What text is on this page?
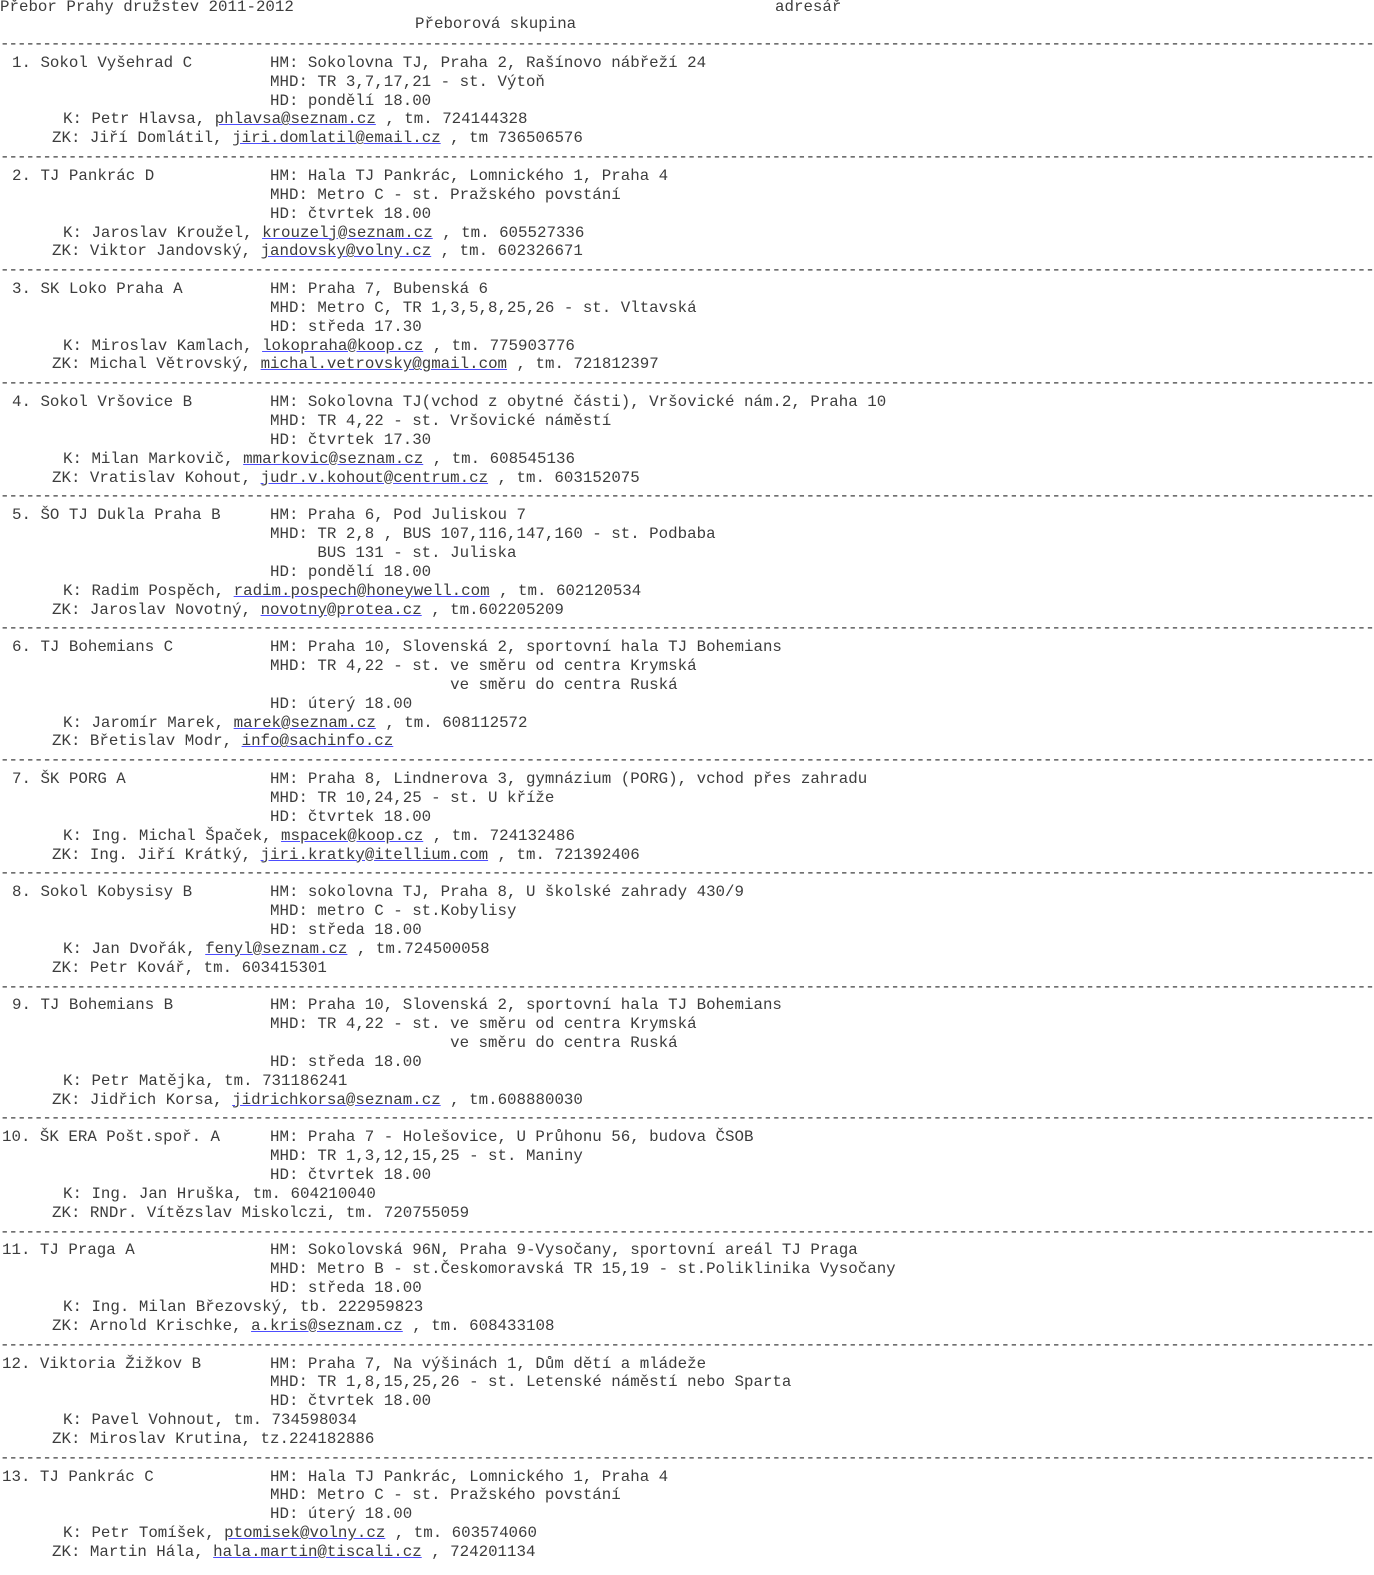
Přebor Prahy družstev 2011-2012
Přeborová skupina
adresář
------------------------------------------------------------------------------------------------------------------------------------------------------------------
1. Sokol Vyšehrad C	HM: Sokolovna TJ, Praha 2, Rašínovo nábřeží 24
MHD: TR 3,7,17,21 - st. Výtoň
HD: pondělí 18.00
K: Petr Hlavsa, phlavsa@seznam.cz , tm. 724144328
ZK: Jiří Domlátil, jiri.domlatil@email.cz , tm 736506576
------------------------------------------------------------------------------------------------------------------------------------------------------------------
2. TJ Pankrác D	HM: Hala TJ Pankrác, Lomnického 1, Praha 4
MHD: Metro C - st. Pražského povstání
HD: čtvrtek 18.00
K: Jaroslav Kroužel, krouzelj@seznam.cz , tm. 605527336
ZK: Viktor Jandovský, jandovsky@volny.cz , tm. 602326671
------------------------------------------------------------------------------------------------------------------------------------------------------------------
3. SK Loko Praha A	HM: Praha 7, Bubenská 6
MHD: Metro C, TR 1,3,5,8,25,26 - st. Vltavská
HD: středa 17.30
K: Miroslav Kamlach, lokopraha@koop.cz , tm. 775903776
ZK: Michal Větrovský, michal.vetrovsky@gmail.com , tm. 721812397
------------------------------------------------------------------------------------------------------------------------------------------------------------------
4. Sokol Vršovice B	HM: Sokolovna TJ(vchod z obytné části), Vršovické nám.2, Praha 10
MHD: TR 4,22 - st. Vršovické náměstí
HD: čtvrtek 17.30
K: Milan Markovič, mmarkovic@seznam.cz , tm. 608545136
ZK: Vratislav Kohout, judr.v.kohout@centrum.cz , tm. 603152075
------------------------------------------------------------------------------------------------------------------------------------------------------------------
5. ŠO TJ Dukla Praha B	HM: Praha 6, Pod Juliskou 7
MHD: TR 2,8 , BUS 107,116,147,160 - st. Podbaba
BUS 131 - st. Juliska
HD: pondělí 18.00
K: Radim Pospěch, radim.pospech@honeywell.com , tm. 602120534
ZK: Jaroslav Novotný, novotny@protea.cz , tm.602205209
------------------------------------------------------------------------------------------------------------------------------------------------------------------
6. TJ Bohemians C	HM: Praha 10, Slovenská 2, sportovní hala TJ Bohemians
MHD: TR 4,22 - st. ve směru od centra Krymská
ve směru do centra Ruská
HD: úterý 18.00
K: Jaromír Marek, marek@seznam.cz , tm. 608112572
ZK: Břetislav Modr, info@sachinfo.cz
------------------------------------------------------------------------------------------------------------------------------------------------------------------
7. ŠK PORG A	HM: Praha 8, Lindnerova 3, gymnázium (PORG), vchod přes zahradu
MHD: TR 10,24,25 - st. U kříže
HD: čtvrtek 18.00
K: Ing. Michal Špaček, mspacek@koop.cz , tm. 724132486
ZK: Ing. Jiří Krátký, jiri.kratky@itellium.com , tm. 721392406
------------------------------------------------------------------------------------------------------------------------------------------------------------------
8. Sokol Kobysisy B	HM: sokolovna TJ, Praha 8, U školské zahrady 430/9
MHD: metro C - st.Kobylisy
HD: středa 18.00
K: Jan Dvořák, fenyl@seznam.cz , tm.724500058
ZK: Petr Kovář, tm. 603415301
------------------------------------------------------------------------------------------------------------------------------------------------------------------
9. TJ Bohemians B	HM: Praha 10, Slovenská 2, sportovní hala TJ Bohemians
MHD: TR 4,22 - st. ve směru od centra Krymská
ve směru do centra Ruská
HD: středa 18.00
K: Petr Matějka, tm. 731186241
ZK: Jidřich Korsa, jidrichkorsa@seznam.cz , tm.608880030
------------------------------------------------------------------------------------------------------------------------------------------------------------------
10. ŠK ERA Pošt.spoř. A	HM: Praha 7 - Holešovice, U Průhonu 56, budova ČSOB
MHD: TR 1,3,12,15,25 - st. Maniny
HD: čtvrtek 18.00
K: Ing. Jan Hruška, tm. 604210040
ZK: RNDr. Vítězslav Miskolczi, tm. 720755059
------------------------------------------------------------------------------------------------------------------------------------------------------------------
11. TJ Praga A	HM: Sokolovská 96N, Praha 9-Vysočany, sportovní areál TJ Praga
MHD: Metro B - st.Českomoravská TR 15,19 - st.Poliklinika Vysočany
HD: středa 18.00
K: Ing. Milan Březovský, tb. 222959823
ZK: Arnold Krischke, a.kris@seznam.cz , tm. 608433108
------------------------------------------------------------------------------------------------------------------------------------------------------------------
12. Viktoria Žižkov B	HM: Praha 7, Na výšinách 1, Dům dětí a mládeže
MHD: TR 1,8,15,25,26 - st. Letenské náměstí nebo Sparta
HD: čtvrtek 18.00
K: Pavel Vohnout, tm. 734598034
ZK: Miroslav Krutina, tz.224182886
------------------------------------------------------------------------------------------------------------------------------------------------------------------
13. TJ Pankrác C	HM: Hala TJ Pankrác, Lomnického 1, Praha 4
MHD: Metro C - st. Pražského povstání
HD: úterý 18.00
K: Petr Tomíšek, ptomisek@volny.cz , tm. 603574060
ZK: Martin Hála, hala.martin@tiscali.cz , 724201134
